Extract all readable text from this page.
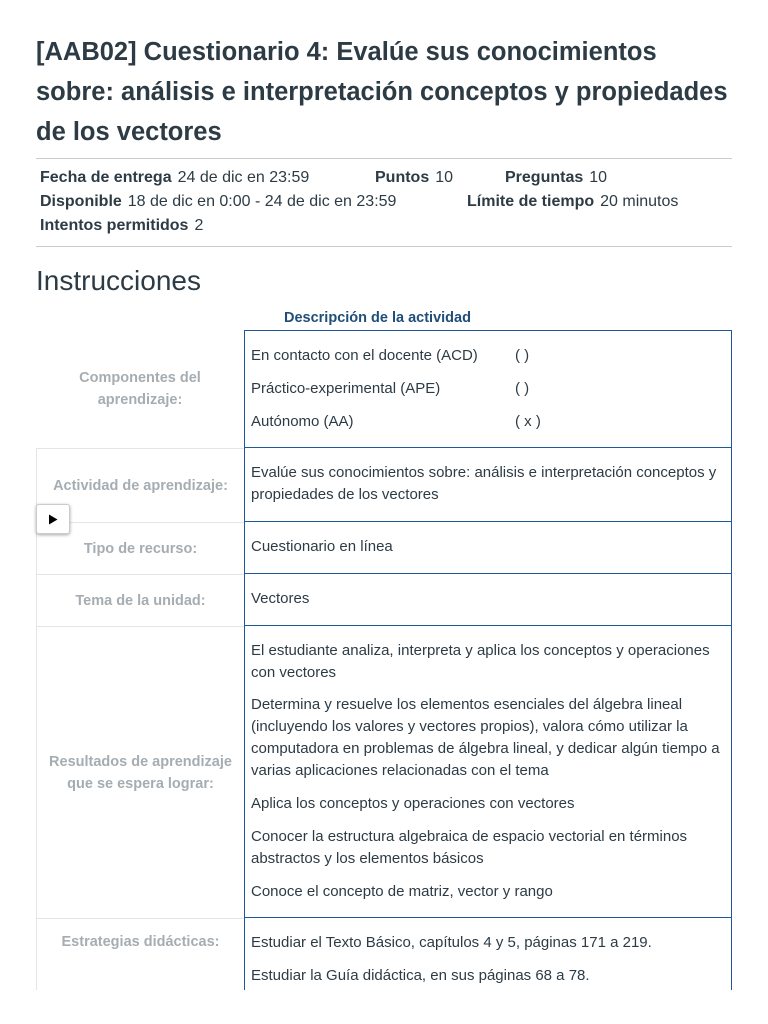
[AAB02] Cuestionario 4: Evalúe sus conocimientos sobre: análisis e interpretación conceptos y propiedades de los vectores
Fecha de entrega 24 de dic en 23:59	Puntos 10	Preguntas 10
Disponible 18 de dic en 0:00 - 24 de dic en 23:59	Límite de tiempo 20 minutos
Intentos permitidos 2
Instrucciones
Descripción de la actividad
Componentes del aprendizaje:
En contacto con el docente (ACD) ( )
Práctico-experimental (APE)	( )
Autónomo (AA)	( x )
Actividad de aprendizaje:
Evalúe sus conocimientos sobre: análisis e interpretación conceptos y propiedades de los vectores
Tipo de recurso:	Cuestionario en línea
Tema de la unidad:	Vectores
Resultados de aprendizaje que se espera lograr:
El estudiante analiza, interpreta y aplica los conceptos y operaciones con vectores
Determina y resuelve los elementos esenciales del álgebra lineal (incluyendo los valores y vectores propios), valora cómo utilizar la computadora en problemas de álgebra lineal, y dedicar algún tiempo a varias aplicaciones relacionadas con el tema
Aplica los conceptos y operaciones con vectores
Conocer la estructura algebraica de espacio vectorial en términos abstractos y los elementos básicos
Conoce el concepto de matriz, vector y rango
Estrategias didácticas:	Estudiar el Texto Básico, capítulos 4 y 5, páginas 171 a 219.
Estudiar la Guía didáctica, en sus páginas 68 a 78.
